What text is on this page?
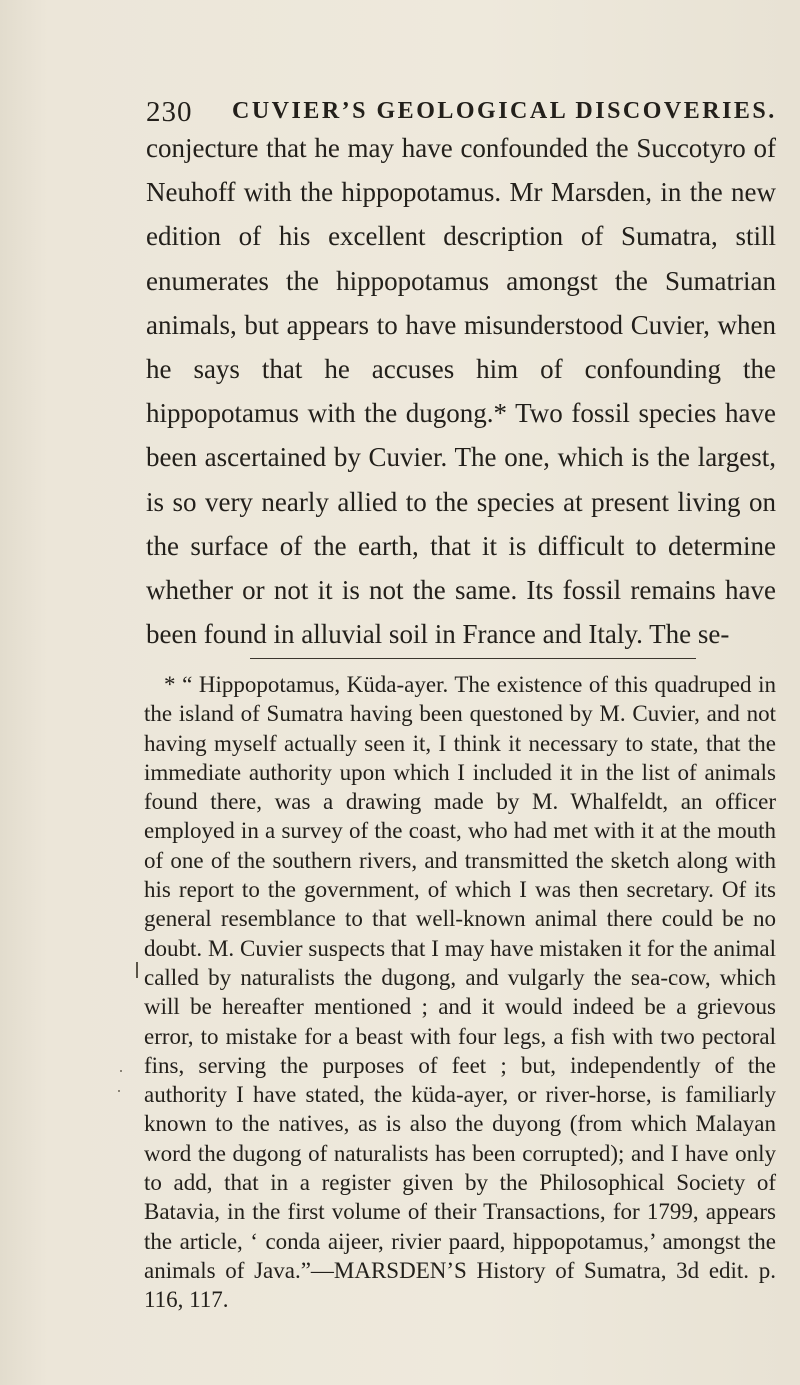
230 CUVIER’S GEOLOGICAL DISCOVERIES.

conjecture that he may have confounded the Succotyro of Neuhoff with the hippopotamus. Mr Marsden, in the new edition of his excellent description of Sumatra, still enumerates the hippopotamus amongst the Sumatrian animals, but appears to have misunderstood Cuvier, when he says that he accuses him of confounding the hippopotamus with the dugong.* Two fossil species have been ascertained by Cuvier. The one, which is the largest, is so very nearly allied to the species at present living on the surface of the earth, that it is difficult to determine whether or not it is not the same. Its fossil remains have been found in alluvial soil in France and Italy. The se-

* “ Hippopotamus, Küda-ayer. The existence of this quadruped in the island of Sumatra having been questoned by M. Cuvier, and not having myself actually seen it, I think it necessary to state, that the immediate authority upon which I included it in the list of animals found there, was a drawing made by M. Whalfeldt, an officer employed in a survey of the coast, who had met with it at the mouth of one of the southern rivers, and transmitted the sketch along with his report to the government, of which I was then secretary. Of its general resemblance to that well-known animal there could be no doubt. M. Cuvier suspects that I may have mistaken it for the animal called by naturalists the dugong, and vulgarly the sea-cow, which will be hereafter mentioned ; and it would indeed be a grievous error, to mistake for a beast with four legs, a fish with two pectoral fins, serving the purposes of feet ; but, independently of the authority I have stated, the küda-ayer, or river-horse, is familiarly known to the natives, as is also the duyong (from which Malayan word the dugong of naturalists has been corrupted); and I have only to add, that in a register given by the Philosophical Society of Batavia, in the first volume of their Transactions, for 1799, appears the article, ‘ conda aijeer, rivier paard, hippopotamus,’ amongst the animals of Java.”—MARSDEN’S History of Sumatra, 3d edit. p. 116, 117.
